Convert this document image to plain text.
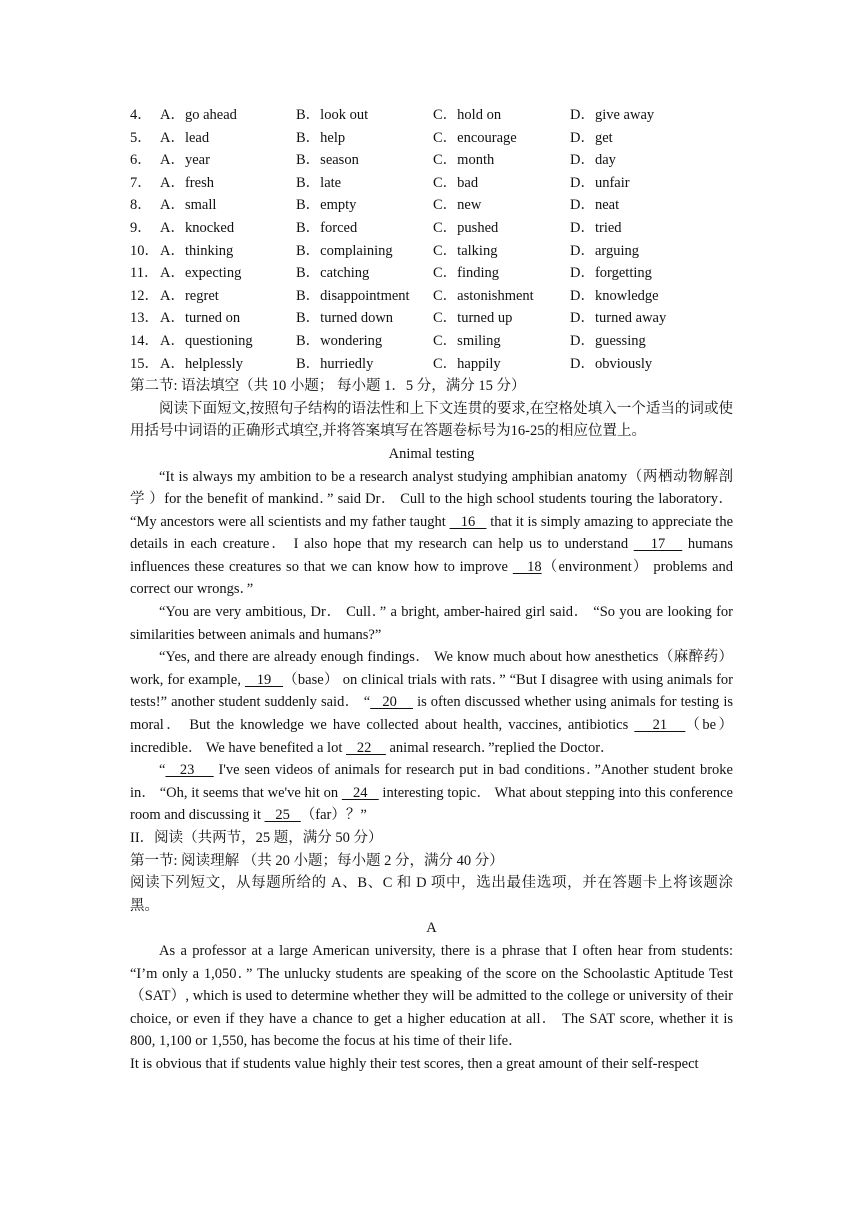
4． A．go ahead	B．look out	C．hold on	D．give away
5． A．lead	B．help	C．encourage	D．get
6． A．year	B．season	C．month	D．day
7． A．fresh	B．late	C．bad	D．unfair
8． A．small	B．empty	C．new	D．neat
9． A．knocked	B．forced	C．pushed	D．tried
10． A．thinking	B．complaining	C．talking	D．arguing
11． A．expecting	B．catching	C．finding	D．forgetting
12． A．regret	B．disappointment	C．astonishment	D．knowledge
13． A．turned on	B．turned down	C．turned up	D．turned away
14． A．questioning	B．wondering	C．smiling	D．guessing
15． A．helplessly	B．hurriedly	C．happily	D．obviously
第二节: 语法填空（共 10 小题； 每小题 1．5 分，满分 15 分）
阅读下面短文,按照句子结构的语法性和上下文连贯的要求,在空格处填入一个适当的词或使用括号中词语的正确形式填空,并将答案填写在答题卷标号为16-25的相应位置上。
Animal testing
“It is always my ambition to be a research analyst studying amphibian anatomy（两栖动物解剖学 ）for the benefit of mankind．” said Dr． Cull to the high school students touring the laboratory． “My ancestors were all scientists and my father taught    16    that it is simply amazing to appreciate the details in each creature． I also hope that my research can help us to understand    17    humans influences these creatures so that we can know how to improve    18（environment） problems and correct our wrongs．”
“You are very ambitious, Dr． Cull．” a bright, amber-haired girl said． “So you are looking for similarities between animals and humans?”
“Yes, and there are already enough findings． We know much about how anesthetics（麻醉药） work, for example,    19   （base） on clinical trials with rats．” “But I disagree with using animals for tests!” another student suddenly said． “   20     is often discussed whether using animals for testing is moral． But the knowledge we have collected about health, vaccines, antibiotics    21   （be）incredible． We have benefited a lot    22     animal research．”replied the Doctor．
“   23     I've seen videos of animals for research put in bad conditions．”Another student broke in． “Oh, it seems that we've hit on    24    interesting topic． What about stepping into this conference room and discussing it    25   （far）？”
II．阅读（共两节，25 题，满分 50 分）
第一节: 阅读理解 （共 20 小题；每小题 2 分，满分 40 分）
阅读下列短文，从每题所给的 A、B、C 和 D 项中，选出最佳选项，并在答题卡上将该题涂黑。
A
As a professor at a large American university, there is a phrase that I often hear from students: “I’m only a 1,050．” The unlucky students are speaking of the score on the Schoolastic Aptitude Test（SAT）, which is used to determine whether they will be admitted to the college or university of their choice, or even if they have a chance to get a higher education at all． The SAT score, whether it is 800, 1,100 or 1,550, has become the focus at his time of their life．
It is obvious that if students value highly their test scores, then a great amount of their self-respect
